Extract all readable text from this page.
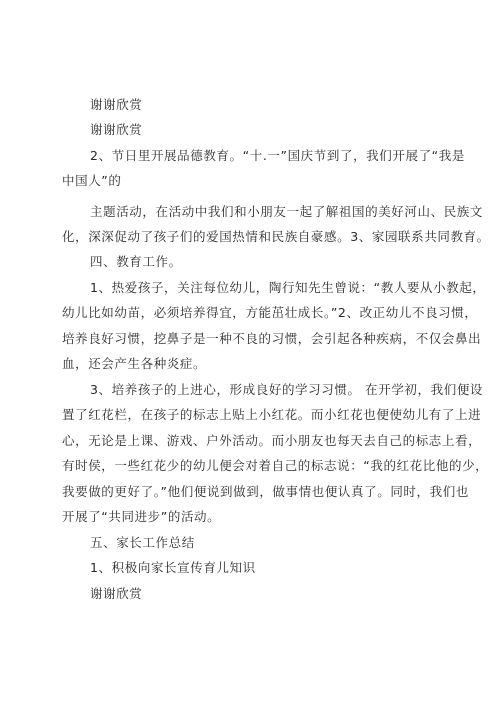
谢谢欣赏
谢谢欣赏
2、节日里开展品德教育。“十.一”国庆节到了，我们开展了“我是
中国人”的
主题活动，在活动中我们和小朋友一起了解祖国的美好河山、民族文
化，深深促动了孩子们的爱国热情和民族自豪感。3、家园联系共同教育。
四、教育工作。
1、热爱孩子，关注每位幼儿，陶行知先生曾说：“教人要从小教起，
幼儿比如幼苗，必须培养得宜，方能茁壮成长。”2、改正幼儿不良习惯，
培养良好习惯，挖鼻子是一种不良的习惯，会引起各种疾病，不仅会鼻出
血，还会产生各种炎症。
3、培养孩子的上进心，形成良好的学习习惯。 在开学初，我们便设
置了红花栏，在孩子的标志上贴上小红花。而小红花也便使幼儿有了上进
心，无论是上课、游戏、户外活动。而小朋友也每天去自己的标志上看，
有时侯，一些红花少的幼儿便会对着自己的标志说：“我的红花比他的少，
我要做的更好了。”他们便说到做到，做事情也便认真了。同时，我们也
开展了“共同进步”的活动。
五、家长工作总结
1、积极向家长宣传育儿知识
谢谢欣赏
